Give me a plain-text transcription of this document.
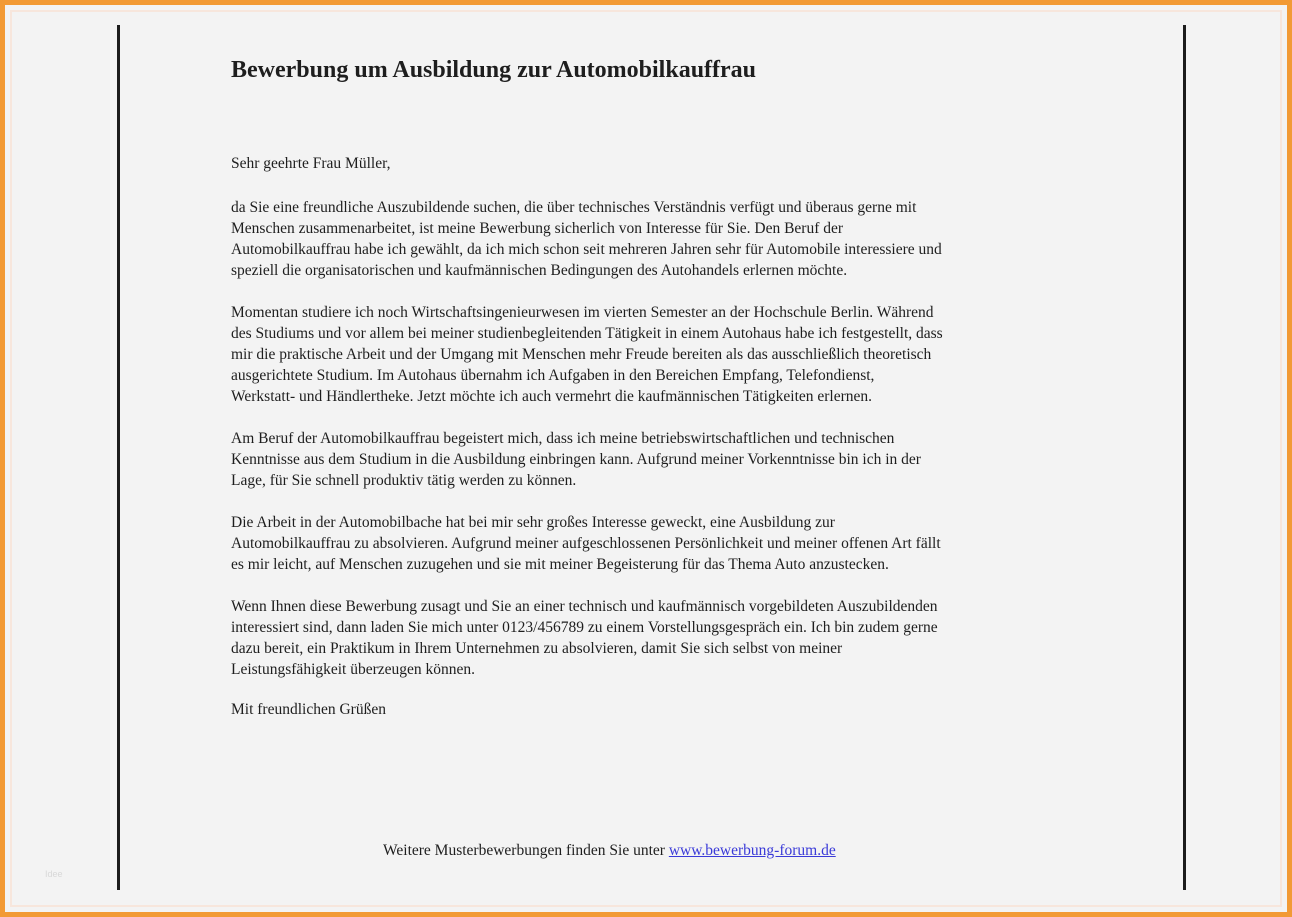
Bewerbung um Ausbildung zur Automobilkauffrau
Sehr geehrte Frau Müller,
da Sie eine freundliche Auszubildende suchen, die über technisches Verständnis verfügt und überaus gerne mit
Menschen zusammenarbeitet, ist meine Bewerbung sicherlich von Interesse für Sie. Den Beruf der
Automobilkauffrau habe ich gewählt, da ich mich schon seit mehreren Jahren sehr für Automobile interessiere und
speziell die organisatorischen und kaufmännischen Bedingungen des Autohandels erlernen möchte.
Momentan studiere ich noch Wirtschaftsingenieurwesen im vierten Semester an der Hochschule Berlin. Während
des Studiums und vor allem bei meiner studienbegleitenden Tätigkeit in einem Autohaus habe ich festgestellt, dass
mir die praktische Arbeit und der Umgang mit Menschen mehr Freude bereiten als das ausschließlich theoretisch
ausgerichtete Studium. Im Autohaus übernahm ich Aufgaben in den Bereichen Empfang, Telefondienst,
Werkstatt- und Händlertheke. Jetzt möchte ich auch vermehrt die kaufmännischen Tätigkeiten erlernen.
Am Beruf der Automobilkauffrau begeistert mich, dass ich meine betriebswirtschaftlichen und technischen
Kenntnisse aus dem Studium in die Ausbildung einbringen kann. Aufgrund meiner Vorkenntnisse bin ich in der
Lage, für Sie schnell produktiv tätig werden zu können.
Die Arbeit in der Automobilbache hat bei mir sehr großes Interesse geweckt, eine Ausbildung zur
Automobilkauffrau zu absolvieren. Aufgrund meiner aufgeschlossenen Persönlichkeit und meiner offenen Art fällt
es mir leicht, auf Menschen zuzugehen und sie mit meiner Begeisterung für das Thema Auto anzustecken.
Wenn Ihnen diese Bewerbung zusagt und Sie an einer technisch und kaufmännisch vorgebildeten Auszubildenden
interessiert sind, dann laden Sie mich unter 0123/456789 zu einem Vorstellungsgespräch ein. Ich bin zudem gerne
dazu bereit, ein Praktikum in Ihrem Unternehmen zu absolvieren, damit Sie sich selbst von meiner
Leistungsfähigkeit überzeugen können.
Mit freundlichen Grüßen
Weitere Musterbewerbungen finden Sie unter www.bewerbung-forum.de
Idee
